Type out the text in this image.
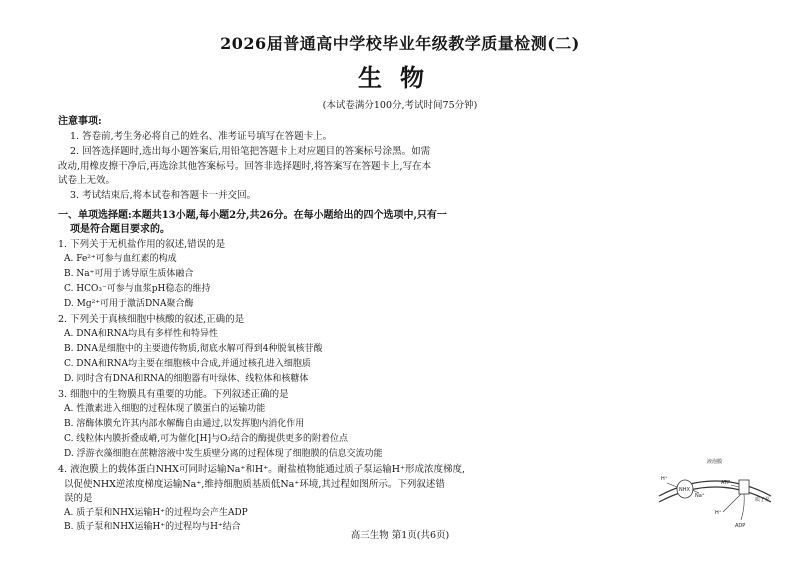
2026届普通高中学校毕业年级教学质量检测(二)
生物
(本试卷满分100分,考试时间75分钟)
注意事项:
1. 答卷前,考生务必将自己的姓名、准考证号填写在答题卡上。
2. 回答选择题时,选出每小题答案后,用铅笔把答题卡上对应题目的答案标号涂黑。如需
改动,用橡皮擦干净后,再选涂其他答案标号。回答非选择题时,将答案写在答题卡上,写在本
试卷上无效。
3. 考试结束后,将本试卷和答题卡一并交回。
一、单项选择题:本题共13小题,每小题2分,共26分。在每小题给出的四个选项中,只有一
项是符合题目要求的。
1. 下列关于无机盐作用的叙述,错误的是
A. Fe²⁺可参与血红素的构成
B. Na⁺可用于诱导原生质体融合
C. HCO₃⁻可参与血浆pH稳态的维持
D. Mg²⁺可用于激活DNA聚合酶
2. 下列关于真核细胞中核酸的叙述,正确的是
A. DNA和RNA均具有多样性和特异性
B. DNA是细胞中的主要遗传物质,彻底水解可得到4种脱氧核苷酸
C. DNA和RNA均主要在细胞核中合成,并通过核孔进入细胞质
D. 同时含有DNA和RNA的细胞器有叶绿体、线粒体和核糖体
3. 细胞中的生物膜具有重要的功能。下列叙述正确的是
A. 性激素进入细胞的过程体现了膜蛋白的运输功能
B. 溶酶体膜允许其内部水解酶自由通过,以发挥胞内消化作用
C. 线粒体内膜折叠成嵴,可为催化[H]与O₂结合的酶提供更多的附着位点
D. 浮游衣藻细胞在蔗糖溶液中发生质壁分离的过程体现了细胞膜的信息交流功能
4. 液泡膜上的载体蛋白NHX可同时运输Na⁺和H⁺。耐盐植物能通过质子泵运输H⁺形成浓度梯度,
以促使NHX逆浓度梯度运输Na⁺,维持细胞质基质低Na⁺环境,其过程如图所示。下列叙述错
误的是
A. 质子泵和NHX运输H⁺的过程均会产生ADP
B. 质子泵和NHX运输H⁺的过程均与H⁺结合
液泡膜
NHX
H⁺
Na⁺
ATP
ADP
质子泵
H⁺
高三生物 第1页(共6页)
